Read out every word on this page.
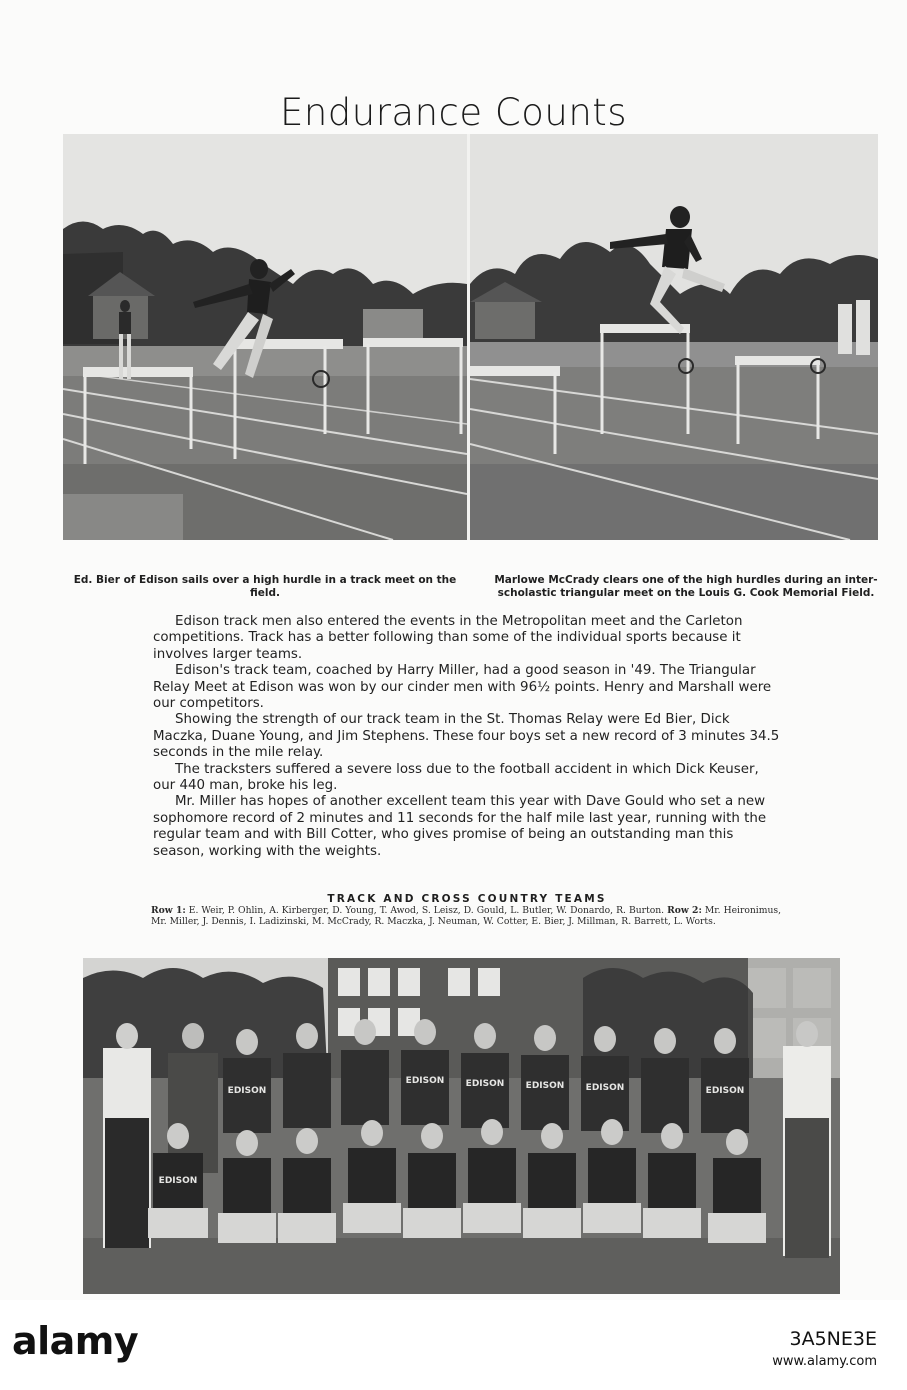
Endurance Counts

Ed. Bier of Edison sails over a high hurdle in a track meet on the field.

Marlowe McCrady clears one of the high hurdles during an inter-scholastic triangular meet on the Louis G. Cook Memorial Field.

Edison track men also entered the events in the Metropolitan meet and the Carleton competitions. Track has a better following than some of the individual sports because it involves larger teams.

Edison's track team, coached by Harry Miller, had a good season in '49. The Triangular Relay Meet at Edison was won by our cinder men with 96½ points. Henry and Marshall were our competitors.

Showing the strength of our track team in the St. Thomas Relay were Ed Bier, Dick Maczka, Duane Young, and Jim Stephens. These four boys set a new record of 3 minutes 34.5 seconds in the mile relay.

The tracksters suffered a severe loss due to the football accident in which Dick Keuser, our 440 man, broke his leg.

Mr. Miller has hopes of another excellent team this year with Dave Gould who set a new sophomore record of 2 minutes and 11 seconds for the half mile last year, running with the regular team and with Bill Cotter, who gives promise of being an outstanding man this season, working with the weights.

TRACK AND CROSS COUNTRY TEAMS
Row 1: E. Weir, P. Ohlin, A. Kirberger, D. Young, T. Awod, S. Leisz, D. Gould, L. Butler, W. Donardo, R. Burton. Row 2: Mr. Heironimus, Mr. Miller, J. Dennis, I. Ladizinski, M. McCrady, R. Maczka, J. Neuman, W. Cotter, E. Bier, J. Millman, R. Barrett, L. Worts.
EDISON
EDISON EDISON EDISON EDISON	EDISON
EDISON
alamy	3A5NE3E
www.alamy.com
